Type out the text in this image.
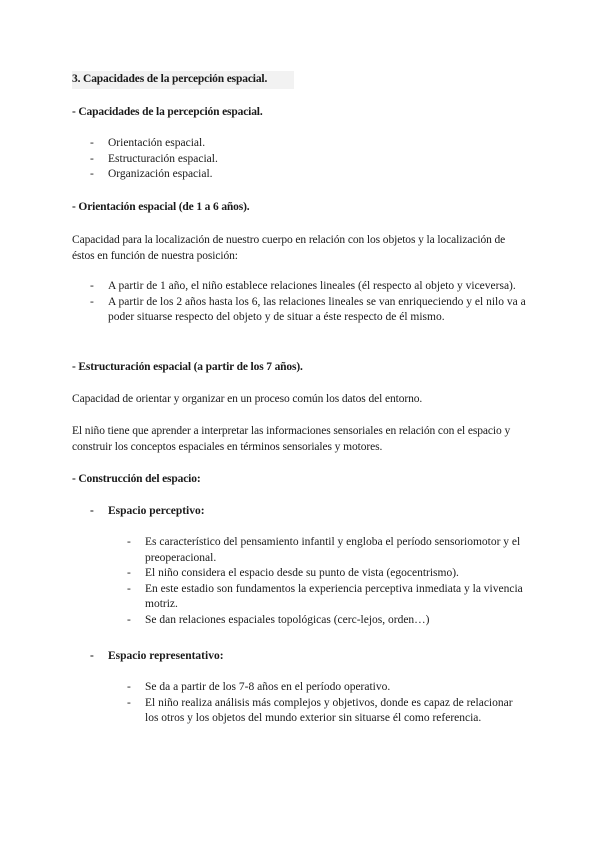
3. Capacidades de la percepción espacial.
- Capacidades de la percepción espacial.
- Orientación espacial.
- Estructuración espacial.
- Organización espacial.
- Orientación espacial (de 1 a 6 años).
Capacidad para la localización de nuestro cuerpo en relación con los objetos y la localización de éstos en función de nuestra posición:
- A partir de 1 año, el niño establece relaciones lineales (él respecto al objeto y viceversa).
- A partir de los 2 años hasta los 6, las relaciones lineales se van enriqueciendo y el nilo va a poder situarse respecto del objeto y de situar a éste respecto de él mismo.
- Estructuración espacial (a partir de los 7 años).
Capacidad de orientar y organizar en un proceso común los datos del entorno.
El niño tiene que aprender a interpretar las informaciones sensoriales en relación con el espacio y construir los conceptos espaciales en términos sensoriales y motores.
- Construcción del espacio:
- Espacio perceptivo:
- Es característico del pensamiento infantil y engloba el período sensoriomotor y el preoperacional.
- El niño considera el espacio desde su punto de vista (egocentrismo).
- En este estadio son fundamentos la experiencia perceptiva inmediata y la vivencia motriz.
- Se dan relaciones espaciales topológicas (cerc-lejos, orden…)
- Espacio representativo:
- Se da a partir de los 7-8 años en el período operativo.
- El niño realiza análisis más complejos y objetivos, donde es capaz de relacionar los otros y los objetos del mundo exterior sin situarse él como referencia.
